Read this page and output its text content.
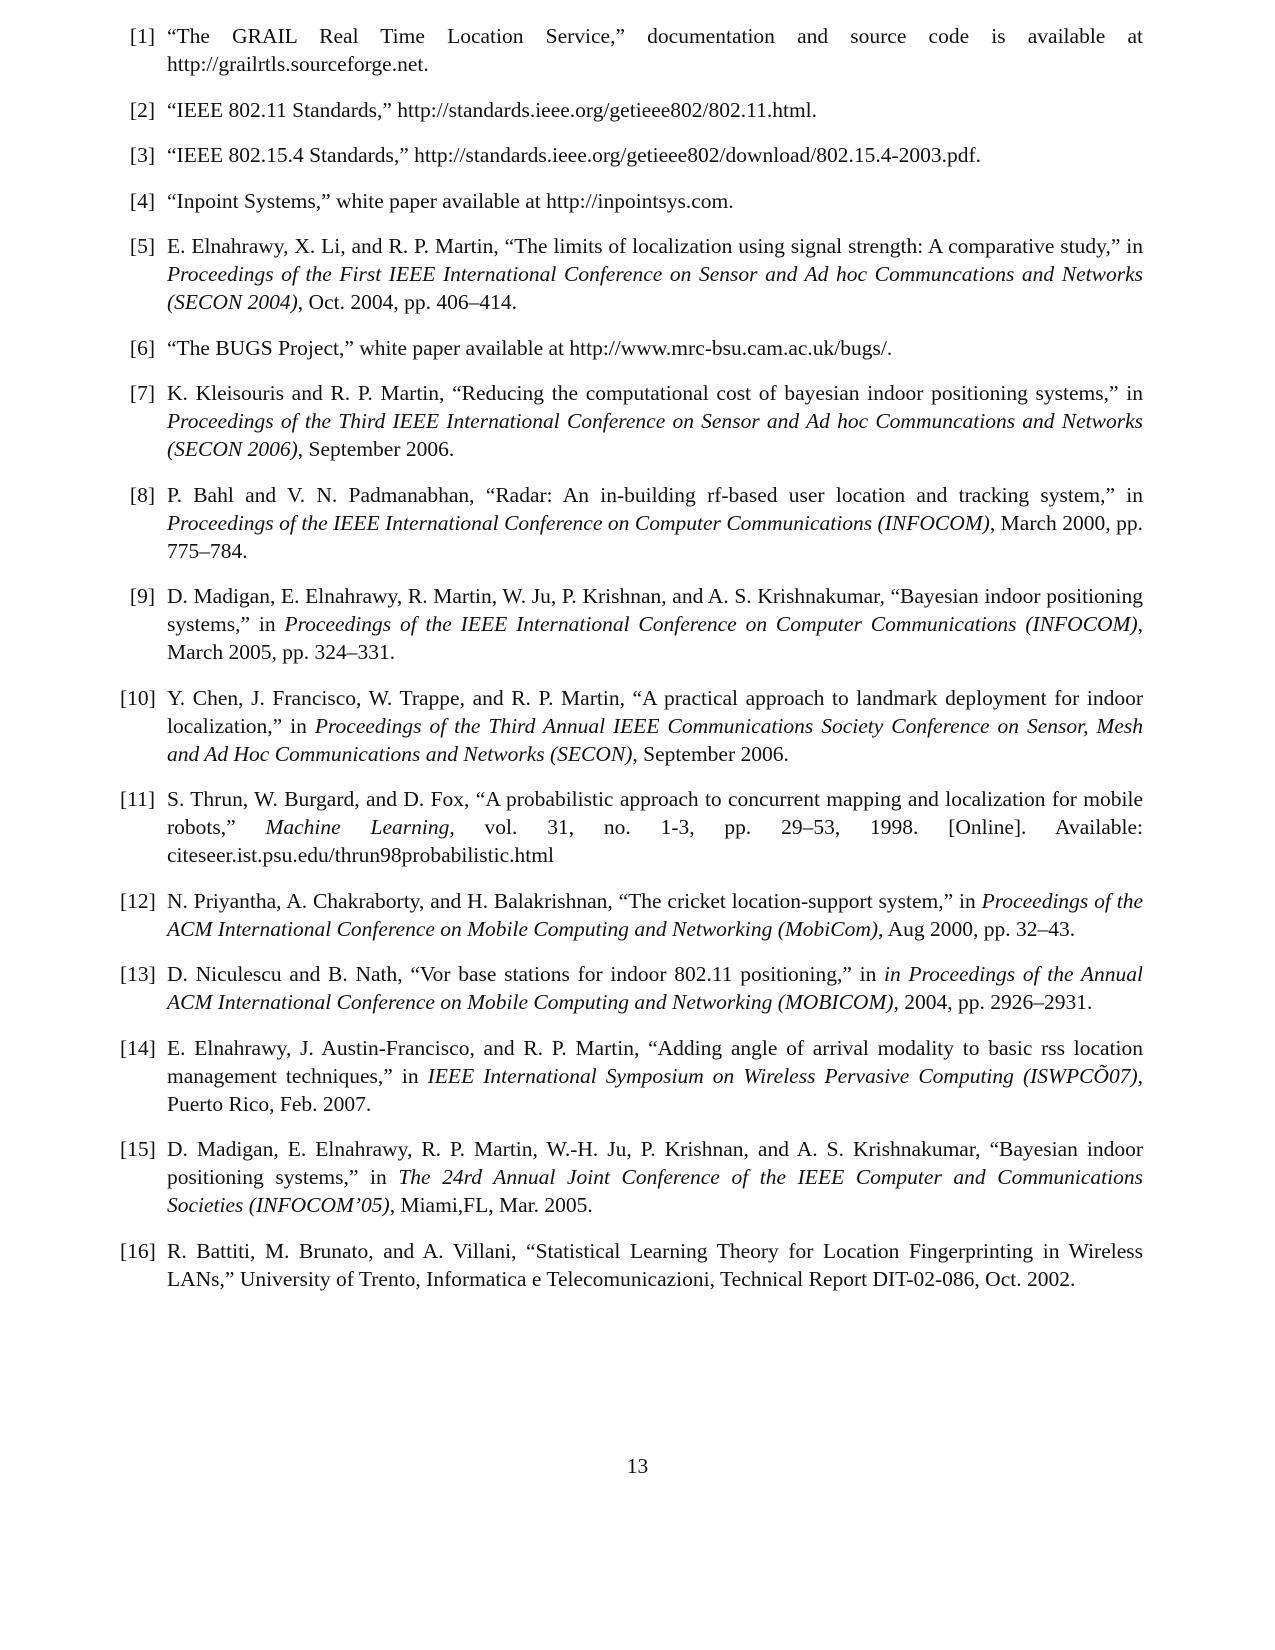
[1] “The GRAIL Real Time Location Service,” documentation and source code is available at http://grailrtls.sourceforge.net.
[2] “IEEE 802.11 Standards,” http://standards.ieee.org/getieee802/802.11.html.
[3] “IEEE 802.15.4 Standards,” http://standards.ieee.org/getieee802/download/802.15.4-2003.pdf.
[4] “Inpoint Systems,” white paper available at http://inpointsys.com.
[5] E. Elnahrawy, X. Li, and R. P. Martin, “The limits of localization using signal strength: A comparative study,” in Proceedings of the First IEEE International Conference on Sensor and Ad hoc Communcations and Networks (SECON 2004), Oct. 2004, pp. 406–414.
[6] “The BUGS Project,” white paper available at http://www.mrc-bsu.cam.ac.uk/bugs/.
[7] K. Kleisouris and R. P. Martin, “Reducing the computational cost of bayesian indoor positioning systems,” in Proceedings of the Third IEEE International Conference on Sensor and Ad hoc Communcations and Networks (SECON 2006), September 2006.
[8] P. Bahl and V. N. Padmanabhan, “Radar: An in-building rf-based user location and tracking system,” in Proceedings of the IEEE International Conference on Computer Communications (INFOCOM), March 2000, pp. 775–784.
[9] D. Madigan, E. Elnahrawy, R. Martin, W. Ju, P. Krishnan, and A. S. Krishnakumar, “Bayesian indoor positioning systems,” in Proceedings of the IEEE International Conference on Computer Communications (INFOCOM), March 2005, pp. 324–331.
[10] Y. Chen, J. Francisco, W. Trappe, and R. P. Martin, “A practical approach to landmark deployment for indoor localization,” in Proceedings of the Third Annual IEEE Communications Society Conference on Sensor, Mesh and Ad Hoc Communications and Networks (SECON), September 2006.
[11] S. Thrun, W. Burgard, and D. Fox, “A probabilistic approach to concurrent mapping and localization for mobile robots,” Machine Learning, vol. 31, no. 1-3, pp. 29–53, 1998. [Online]. Available: citeseer.ist.psu.edu/thrun98probabilistic.html
[12] N. Priyantha, A. Chakraborty, and H. Balakrishnan, “The cricket location-support system,” in Proceedings of the ACM International Conference on Mobile Computing and Networking (MobiCom), Aug 2000, pp. 32–43.
[13] D. Niculescu and B. Nath, “Vor base stations for indoor 802.11 positioning,” in in Proceedings of the Annual ACM International Conference on Mobile Computing and Networking (MOBICOM), 2004, pp. 2926–2931.
[14] E. Elnahrawy, J. Austin-Francisco, and R. P. Martin, “Adding angle of arrival modality to basic rss location management techniques,” in IEEE International Symposium on Wireless Pervasive Computing (ISWPCÕ07), Puerto Rico, Feb. 2007.
[15] D. Madigan, E. Elnahrawy, R. P. Martin, W.-H. Ju, P. Krishnan, and A. S. Krishnakumar, “Bayesian indoor positioning systems,” in The 24rd Annual Joint Conference of the IEEE Computer and Communications Societies (INFOCOM’05), Miami,FL, Mar. 2005.
[16] R. Battiti, M. Brunato, and A. Villani, “Statistical Learning Theory for Location Fingerprinting in Wireless LANs,” University of Trento, Informatica e Telecomunicazioni, Technical Report DIT-02-086, Oct. 2002.
13
